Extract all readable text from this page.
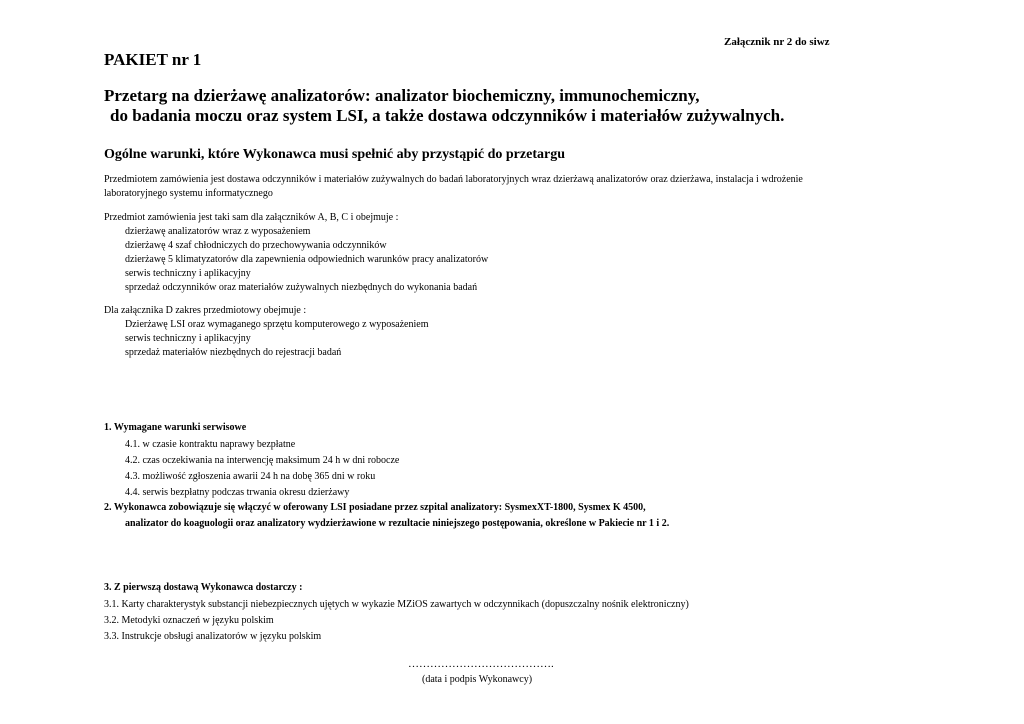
Załącznik nr 2 do siwz
PAKIET nr 1
Przetarg na dzierżawę analizatorów: analizator biochemiczny, immunochemiczny,
do badania moczu oraz system LSI, a także dostawa odczynników i materiałów zużywalnych.
Ogólne warunki, które Wykonawca musi spełnić aby przystąpić do przetargu
Przedmiotem zamówienia jest dostawa odczynników i materiałów zużywalnych do badań laboratoryjnych wraz dzierżawą analizatorów oraz dzierżawa, instalacja i wdrożenie
laboratoryjnego systemu informatycznego
Przedmiot zamówienia jest taki sam dla załączników A, B, C i obejmuje :
dzierżawę analizatorów wraz z wyposażeniem
dzierżawę 4 szaf chłodniczych do przechowywania odczynników
dzierżawę 5 klimatyzatorów dla zapewnienia odpowiednich warunków pracy analizatorów
serwis techniczny i aplikacyjny
sprzedaż odczynników oraz materiałów zużywalnych niezbędnych do wykonania badań
Dla załącznika D zakres przedmiotowy obejmuje :
Dzierżawę LSI oraz wymaganego sprzętu komputerowego z wyposażeniem
serwis techniczny i aplikacyjny
sprzedaż materiałów niezbędnych do rejestracji badań
1. Wymagane warunki serwisowe
4.1. w czasie kontraktu naprawy bezpłatne
4.2. czas oczekiwania na interwencję maksimum 24 h w dni robocze
4.3. możliwość zgłoszenia awarii 24 h na dobę 365 dni w roku
4.4. serwis bezpłatny podczas trwania okresu dzierżawy
2. Wykonawca zobowiązuje się włączyć w oferowany LSI posiadane przez szpital analizatory: SysmexXT-1800, Sysmex K 4500,
analizator do koaguologii oraz analizatory wydzierżawione w rezultacie niniejszego postępowania, określone w Pakiecie nr 1 i 2.
3. Z pierwszą dostawą Wykonawca dostarczy :
3.1. Karty charakterystyk substancji niebezpiecznych ujętych w wykazie MZiOS zawartych w odczynnikach (dopuszczalny nośnik elektroniczny)
3.2. Metodyki oznaczeń w języku polskim
3.3. Instrukcje obsługi analizatorów w języku polskim
………………………………….
(data i podpis Wykonawcy)
